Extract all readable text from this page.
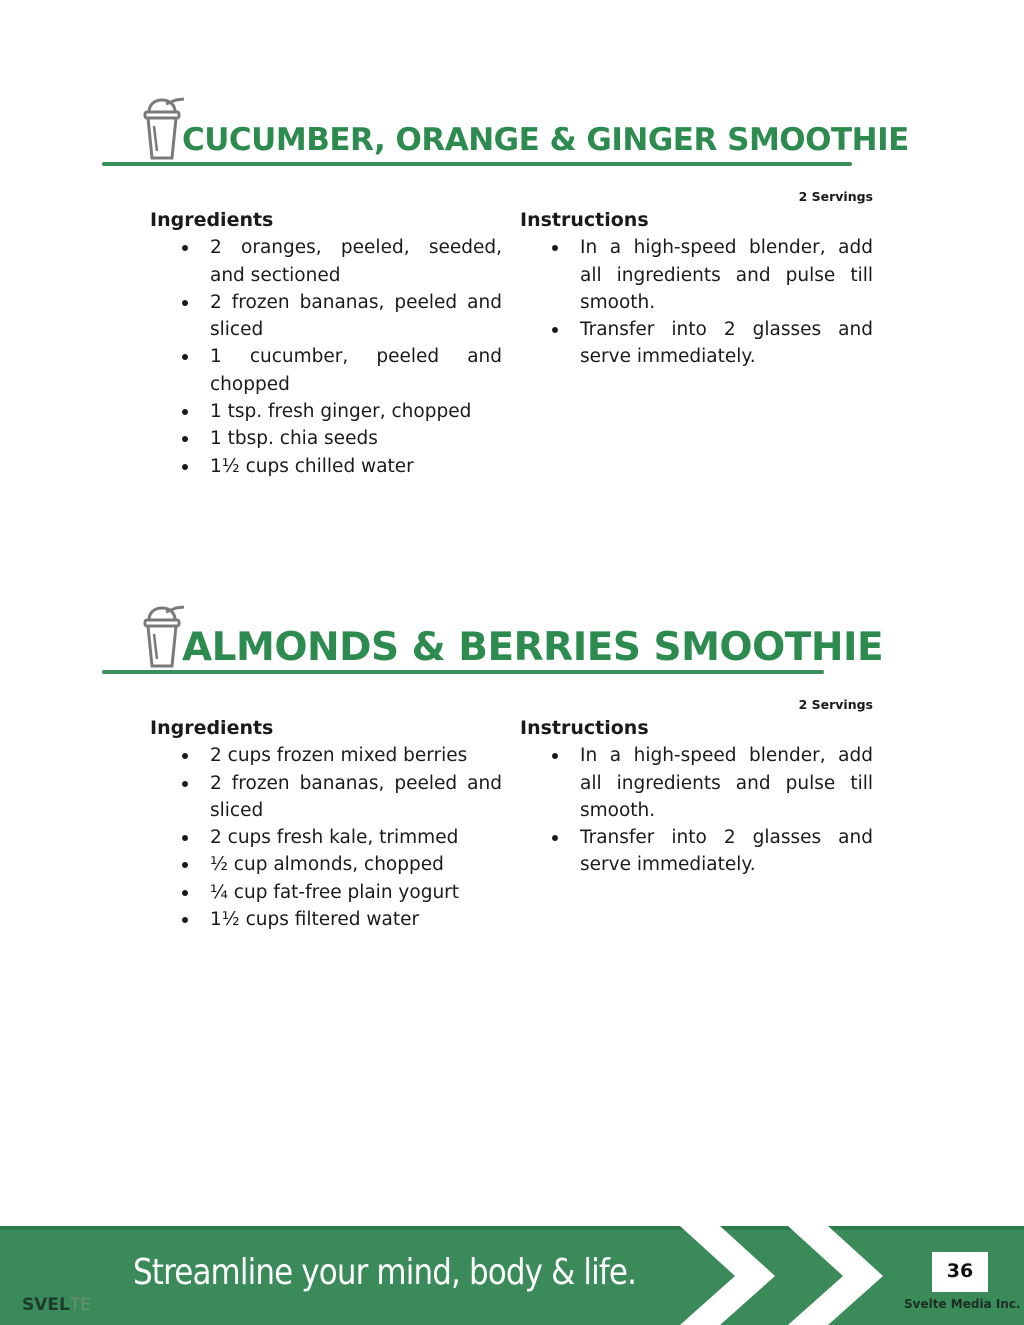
CUCUMBER, ORANGE & GINGER SMOOTHIE
2 Servings
Ingredients
2 oranges, peeled, seeded, and sectioned
2 frozen bananas, peeled and sliced
1 cucumber, peeled and chopped
1 tsp. fresh ginger, chopped
1 tbsp. chia seeds
1½ cups chilled water
Instructions
In a high-speed blender, add all ingredients and pulse till smooth.
Transfer into 2 glasses and serve immediately.
ALMONDS & BERRIES SMOOTHIE
2 Servings
Ingredients
2 cups frozen mixed berries
2 frozen bananas, peeled and sliced
2 cups fresh kale, trimmed
½ cup almonds, chopped
¼ cup fat-free plain yogurt
1½ cups filtered water
Instructions
In a high-speed blender, add all ingredients and pulse till smooth.
Transfer into 2 glasses and serve immediately.
Streamline your mind, body & life.
SVELTE
36
Svelte Media Inc.
